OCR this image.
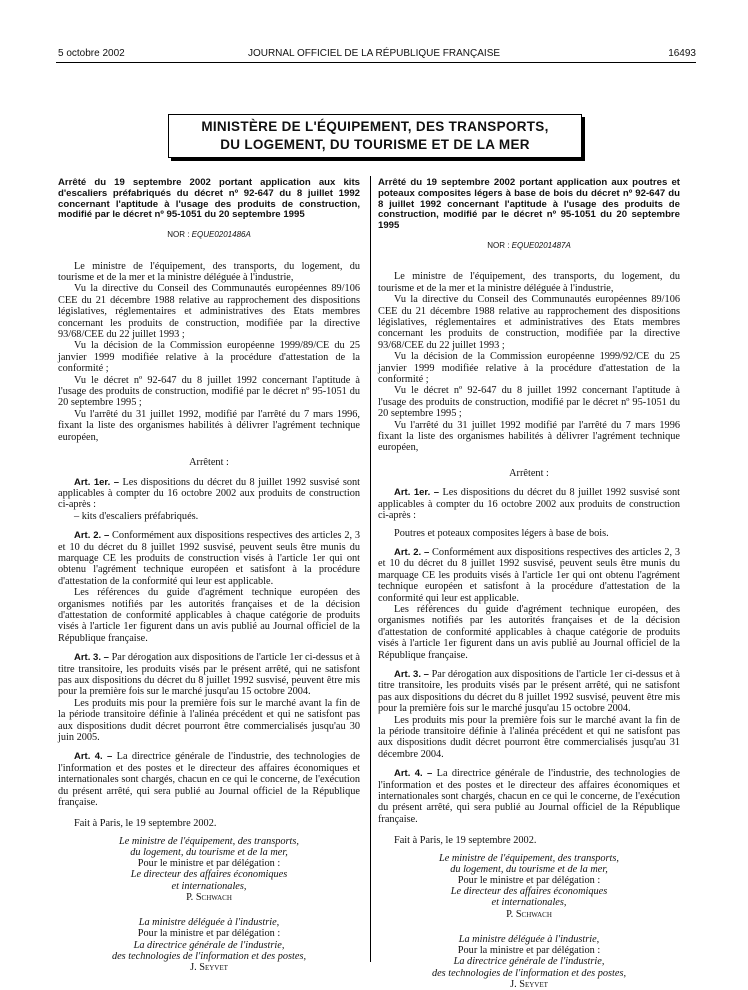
5 octobre 2002	JOURNAL OFFICIEL DE LA RÉPUBLIQUE FRANÇAISE	16493
MINISTÈRE DE L'ÉQUIPEMENT, DES TRANSPORTS,
DU LOGEMENT, DU TOURISME ET DE LA MER

Arrêté du 19 septembre 2002 portant application aux kits d'escaliers préfabriqués du décret nº 92-647 du 8 juillet 1992 concernant l'aptitude à l'usage des produits de construction, modifié par le décret nº 95-1051 du 20 septembre 1995

NOR : EQUE0201486A

Le ministre de l'équipement, des transports, du logement, du tourisme et de la mer et la ministre déléguée à l'industrie,

Vu la directive du Conseil des Communautés européennes 89/106 CEE du 21 décembre 1988 relative au rapprochement des dispositions législatives, réglementaires et administratives des Etats membres concernant les produits de construction, modifiée par la directive 93/68/CEE du 22 juillet 1993 ;

Vu la décision de la Commission européenne 1999/89/CE du 25 janvier 1999 modifiée relative à la procédure d'attestation de la conformité ;

Vu le décret nº 92-647 du 8 juillet 1992 concernant l'aptitude à l'usage des produits de construction, modifié par le décret nº 95-1051 du 20 septembre 1995 ;

Vu l'arrêté du 31 juillet 1992, modifié par l'arrêté du 7 mars 1996, fixant la liste des organismes habilités à délivrer l'agrément technique européen,

Arrêtent :

Art. 1er. – Les dispositions du décret du 8 juillet 1992 susvisé sont applicables à compter du 16 octobre 2002 aux produits de construction ci-après :

– kits d'escaliers préfabriqués.

Art. 2. – Conformément aux dispositions respectives des articles 2, 3 et 10 du décret du 8 juillet 1992 susvisé, peuvent seuls être munis du marquage CE les produits de construction visés à l'article 1er qui ont obtenu l'agrément technique européen et satisfont à la procédure d'attestation de la conformité qui leur est applicable.

Les références du guide d'agrément technique européen des organismes notifiés par les autorités françaises et de la décision d'attestation de conformité applicables à chaque catégorie de produits visés à l'article 1er figurent dans un avis publié au Journal officiel de la République française.

Art. 3. – Par dérogation aux dispositions de l'article 1er ci-dessus et à titre transitoire, les produits visés par le présent arrêté, qui ne satisfont pas aux dispositions du décret du 8 juillet 1992 susvisé, peuvent être mis pour la première fois sur le marché jusqu'au 15 octobre 2004.

Les produits mis pour la première fois sur le marché avant la fin de la période transitoire définie à l'alinéa précédent et qui ne satisfont pas aux dispositions dudit décret pourront être commercialisés jusqu'au 30 juin 2005.

Art. 4. – La directrice générale de l'industrie, des technologies de l'information et des postes et le directeur des affaires économiques et internationales sont chargés, chacun en ce qui le concerne, de l'exécution du présent arrêté, qui sera publié au Journal officiel de la République française.

Fait à Paris, le 19 septembre 2002.

Le ministre de l'équipement, des transports,
du logement, du tourisme et de la mer,
Pour le ministre et par délégation :
Le directeur des affaires économiques
et internationales,
P. Schwach
La ministre déléguée à l'industrie,
Pour la ministre et par délégation :
La directrice générale de l'industrie,
des technologies de l'information et des postes,
J. Seyvet

Arrêté du 19 septembre 2002 portant application aux poutres et poteaux composites légers à base de bois du décret nº 92-647 du 8 juillet 1992 concernant l'aptitude à l'usage des produits de construction, modifié par le décret nº 95-1051 du 20 septembre 1995

NOR : EQUE0201487A

Le ministre de l'équipement, des transports, du logement, du tourisme et de la mer et la ministre déléguée à l'industrie,

Vu la directive du Conseil des Communautés européennes 89/106 CEE du 21 décembre 1988 relative au rapprochement des dispositions législatives, réglementaires et administratives des Etats membres concernant les produits de construction, modifiée par la directive 93/68/CEE du 22 juillet 1993 ;

Vu la décision de la Commission européenne 1999/92/CE du 25 janvier 1999 modifiée relative à la procédure d'attestation de la conformité ;

Vu le décret nº 92-647 du 8 juillet 1992 concernant l'aptitude à l'usage des produits de construction, modifié par le décret nº 95-1051 du 20 septembre 1995 ;

Vu l'arrêté du 31 juillet 1992 modifié par l'arrêté du 7 mars 1996 fixant la liste des organismes habilités à délivrer l'agrément technique européen,

Arrêtent :

Art. 1er. – Les dispositions du décret du 8 juillet 1992 susvisé sont applicables à compter du 16 octobre 2002 aux produits de construction ci-après :

Poutres et poteaux composites légers à base de bois.

Art. 2. – Conformément aux dispositions respectives des articles 2, 3 et 10 du décret du 8 juillet 1992 susvisé, peuvent seuls être munis du marquage CE les produits visés à l'article 1er qui ont obtenu l'agrément technique européen et satisfont à la procédure d'attestation de la conformité qui leur est applicable.

Les références du guide d'agrément technique européen, des organismes notifiés par les autorités françaises et de la décision d'attestation de conformité applicables à chaque catégorie de produits visés à l'article 1er figurent dans un avis publié au Journal officiel de la République française.

Art. 3. – Par dérogation aux dispositions de l'article 1er ci-dessus et à titre transitoire, les produits visés par le présent arrêté, qui ne satisfont pas aux dispositions du décret du 8 juillet 1992 susvisé, peuvent être mis pour la première fois sur le marché jusqu'au 15 octobre 2004.

Les produits mis pour la première fois sur le marché avant la fin de la période transitoire définie à l'alinéa précédent et qui ne satisfont pas aux dispositions dudit décret pourront être commercialisés jusqu'au 31 décembre 2004.

Art. 4. – La directrice générale de l'industrie, des technologies de l'information et des postes et le directeur des affaires économiques et internationales sont chargés, chacun en ce qui le concerne, de l'exécution du présent arrêté, qui sera publié au Journal officiel de la République française.

Fait à Paris, le 19 septembre 2002.

Le ministre de l'équipement, des transports,
du logement, du tourisme et de la mer,
Pour le ministre et par délégation :
Le directeur des affaires économiques
et internationales,
P. Schwach
La ministre déléguée à l'industrie,
Pour la ministre et par délégation :
La directrice générale de l'industrie,
des technologies de l'information et des postes,
J. Seyvet
